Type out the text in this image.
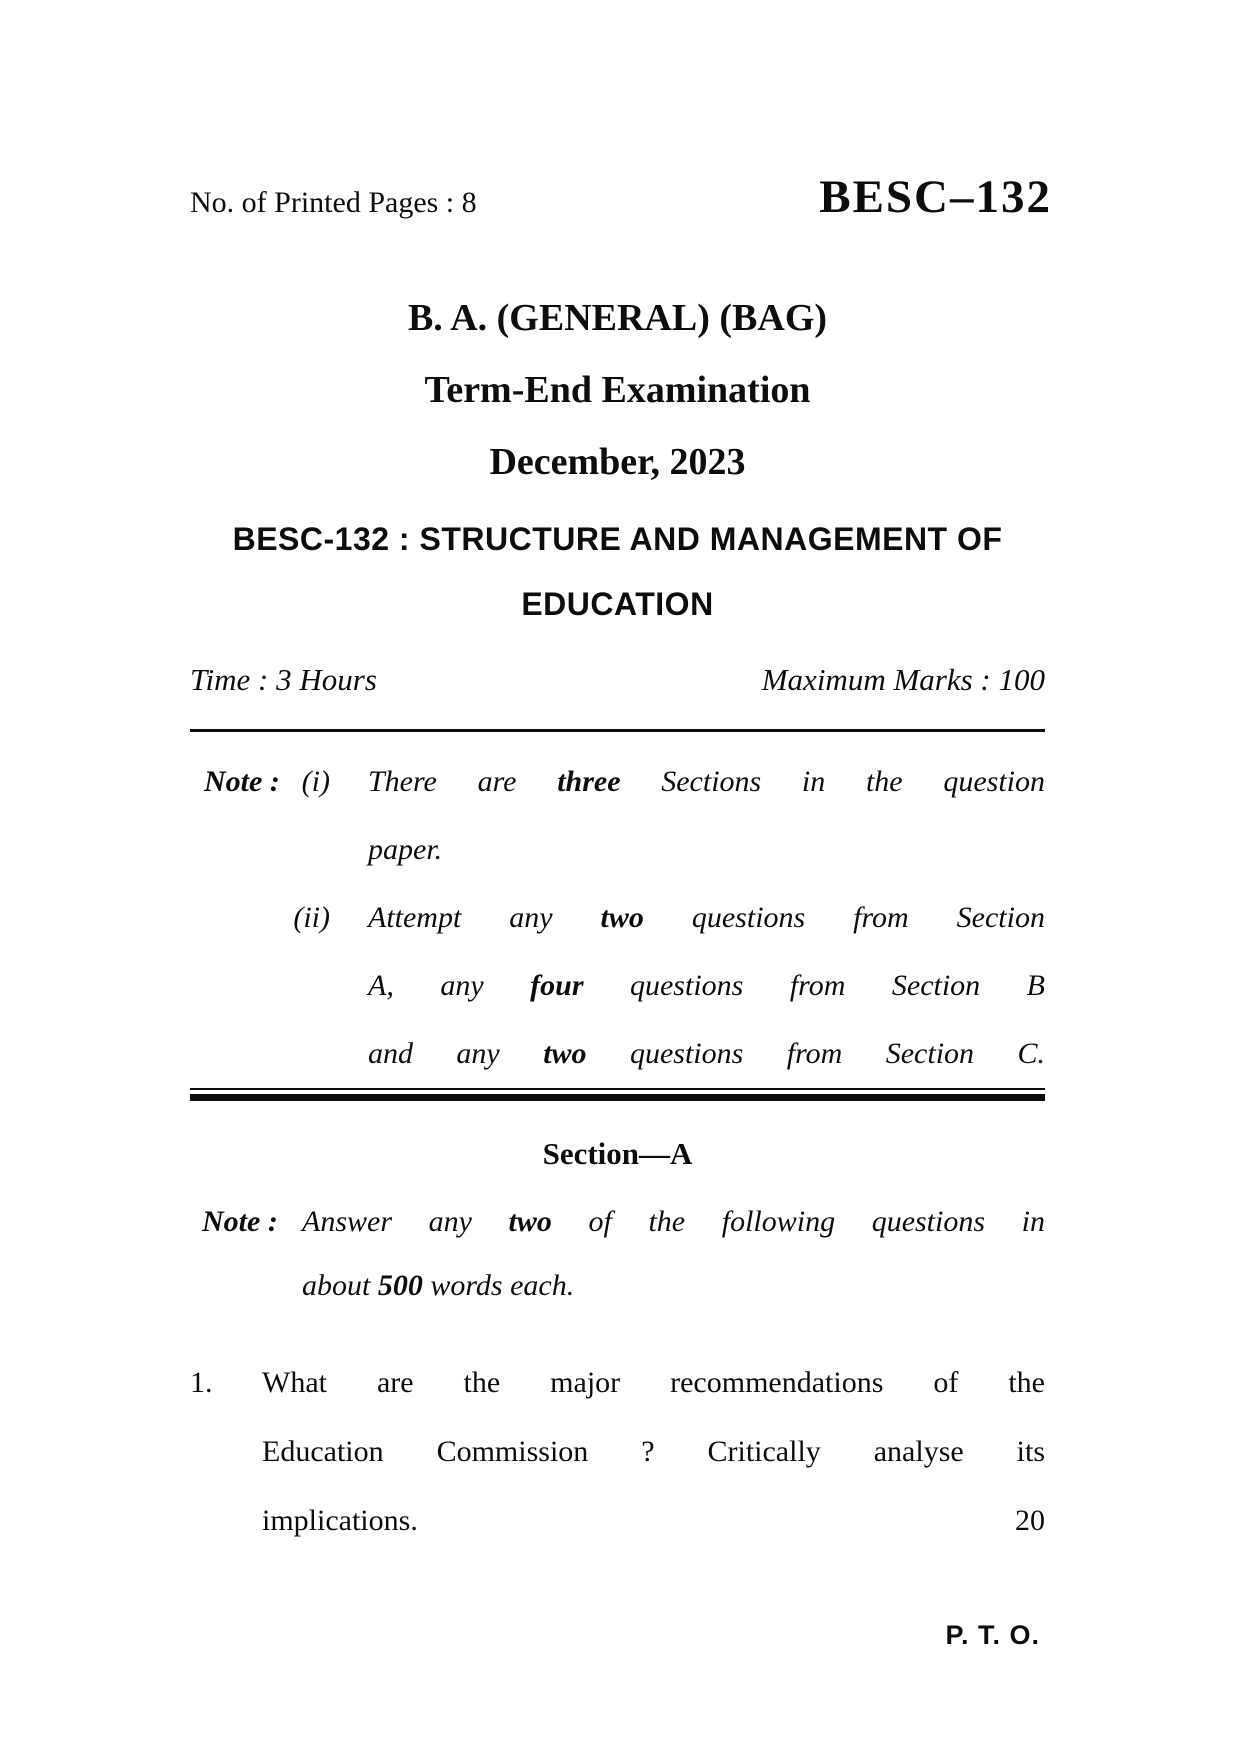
No. of Printed Pages : 8	BESC–132
B. A. (GENERAL) (BAG)
Term-End Examination
December, 2023
BESC-132 : STRUCTURE AND MANAGEMENT OF
EDUCATION
Time : 3 Hours	Maximum Marks : 100
Note : (i)	There are three Sections in the question
paper.
(ii)	Attempt any two questions from Section
A, any four questions from Section B
and any two questions from Section C.
Section—A
Note : Answer any two of the following questions in
about 500 words each.
1.	What are the major recommendations of the
Education Commission ? Critically analyse its
implications.	20
P. T. O.
